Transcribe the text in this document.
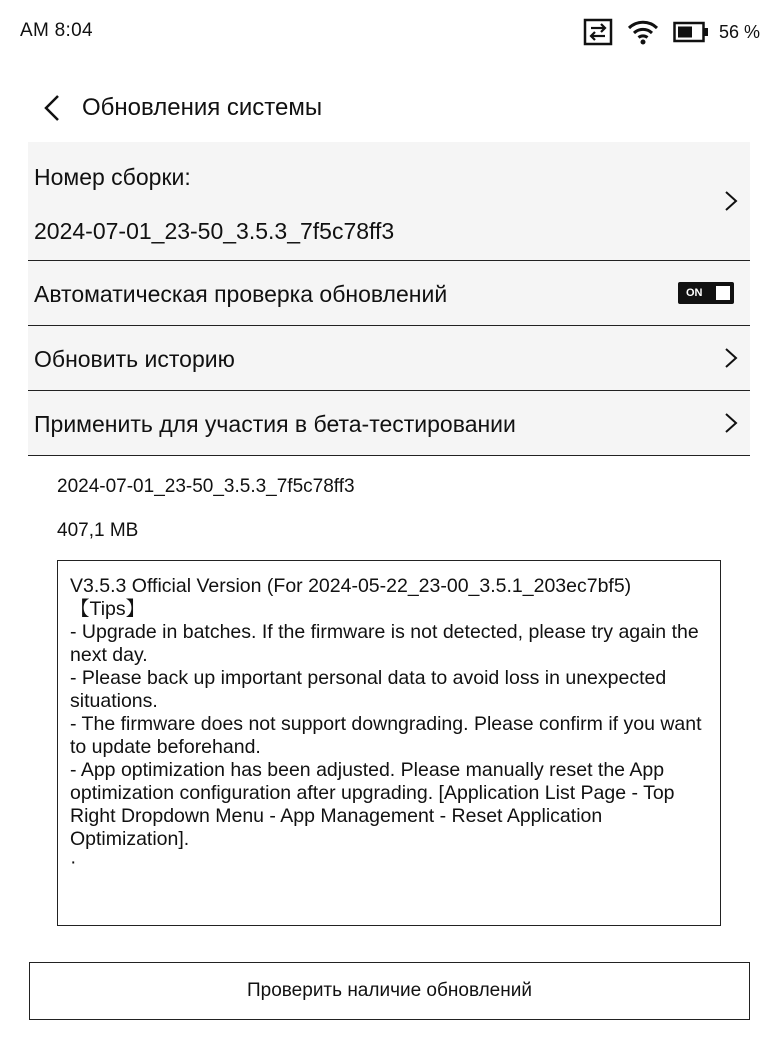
AM 8:04	56 %
Обновления системы
Номер сборки:
2024-07-01_23-50_3.5.3_7f5c78ff3
Автоматическая проверка обновлений	ON
Обновить историю
Применить для участия в бета-тестировании
2024-07-01_23-50_3.5.3_7f5c78ff3
407,1 MB
V3.5.3 Official Version (For 2024-05-22_23-00_3.5.1_203ec7bf5)
【Tips】
- Upgrade in batches. If the firmware is not detected, please try again the next day.
- Please back up important personal data to avoid loss in unexpected situations.
- The firmware does not support downgrading. Please confirm if you want to update beforehand.
- App optimization has been adjusted. Please manually reset the App optimization configuration after upgrading. [Application List Page - Top Right Dropdown Menu - App Management - Reset Application Optimization].
·
Проверить наличие обновлений
